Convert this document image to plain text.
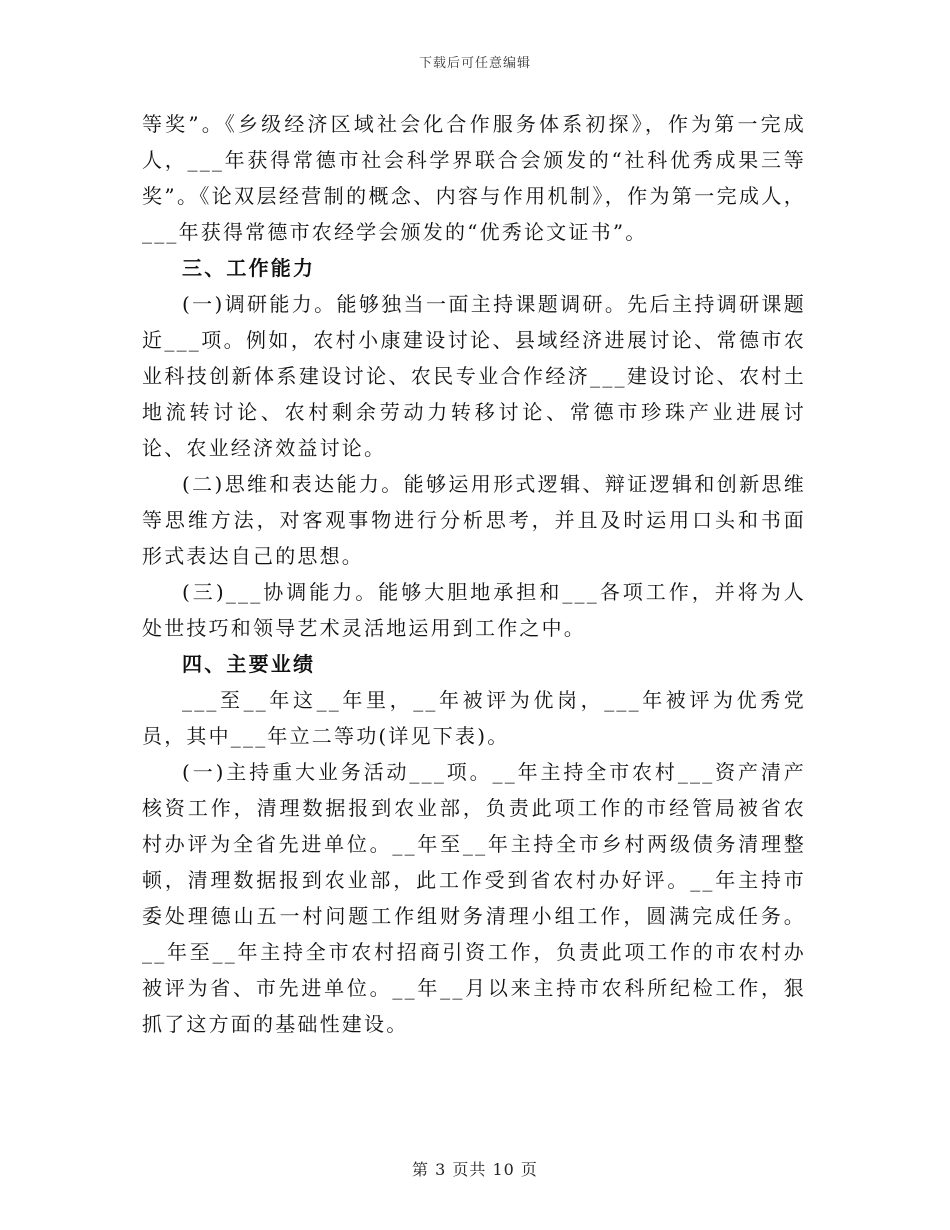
下载后可任意编辑

等奖”。《乡级经济区域社会化合作服务体系初探》，作为第一完成人，___年获得常德市社会科学界联合会颁发的“社科优秀成果三等奖”。《论双层经营制的概念、内容与作用机制》，作为第一完成人，___年获得常德市农经学会颁发的“优秀论文证书”。

三、工作能力

(一)调研能力。能够独当一面主持课题调研。先后主持调研课题近___项。例如，农村小康建设讨论、县域经济进展讨论、常德市农业科技创新体系建设讨论、农民专业合作经济___建设讨论、农村土地流转讨论、农村剩余劳动力转移讨论、常德市珍珠产业进展讨论、农业经济效益讨论。

(二)思维和表达能力。能够运用形式逻辑、辩证逻辑和创新思维等思维方法，对客观事物进行分析思考，并且及时运用口头和书面形式表达自己的思想。

(三)___协调能力。能够大胆地承担和___各项工作，并将为人处世技巧和领导艺术灵活地运用到工作之中。

四、主要业绩

___至__年这__年里，__年被评为优岗，___年被评为优秀党员，其中___年立二等功(详见下表)。

(一)主持重大业务活动___项。__年主持全市农村___资产清产核资工作，清理数据报到农业部，负责此项工作的市经管局被省农村办评为全省先进单位。__年至__年主持全市乡村两级债务清理整顿，清理数据报到农业部，此工作受到省农村办好评。__年主持市委处理德山五一村问题工作组财务清理小组工作，圆满完成任务。__年至__年主持全市农村招商引资工作，负责此项工作的市农村办被评为省、市先进单位。__年__月以来主持市农科所纪检工作，狠抓了这方面的基础性建设。

第 3 页共 10 页
